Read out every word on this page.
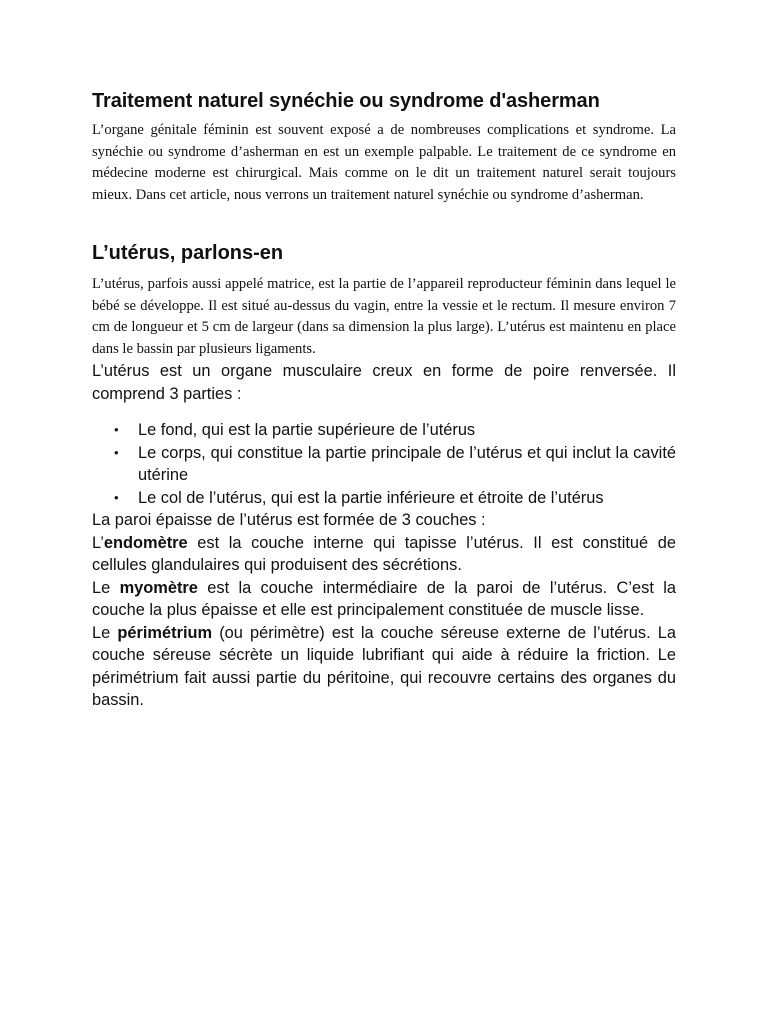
Traitement naturel synéchie ou syndrome d'asherman

L’organe génitale féminin est souvent exposé a de nombreuses complications et syndrome. La synéchie ou syndrome d’asherman en est un exemple palpable. Le traitement de ce syndrome en médecine moderne est chirurgical. Mais comme on le dit un traitement naturel serait toujours mieux. Dans cet article, nous verrons un traitement naturel synéchie ou syndrome d’asherman.

L’utérus, parlons-en

L’utérus, parfois aussi appelé matrice, est la partie de l’appareil reproducteur féminin dans lequel le bébé se développe. Il est situé au-dessus du vagin, entre la vessie et le rectum. Il mesure environ 7 cm de longueur et 5 cm de largeur (dans sa dimension la plus large). L’utérus est maintenu en place dans le bassin par plusieurs ligaments.

L’utérus est un organe musculaire creux en forme de poire renversée. Il comprend 3 parties :

• Le fond, qui est la partie supérieure de l’utérus
• Le corps, qui constitue la partie principale de l’utérus et qui inclut la cavité utérine
• Le col de l’utérus, qui est la partie inférieure et étroite de l’utérus

La paroi épaisse de l’utérus est formée de 3 couches :

L’endomètre est la couche interne qui tapisse l’utérus. Il est constitué de cellules glandulaires qui produisent des sécrétions.

Le myomètre est la couche intermédiaire de la paroi de l’utérus. C’est la couche la plus épaisse et elle est principalement constituée de muscle lisse.

Le périmétrium (ou périmètre) est la couche séreuse externe de l’utérus. La couche séreuse sécrète un liquide lubrifiant qui aide à réduire la friction. Le périmétrium fait aussi partie du péritoine, qui recouvre certains des organes du bassin.
